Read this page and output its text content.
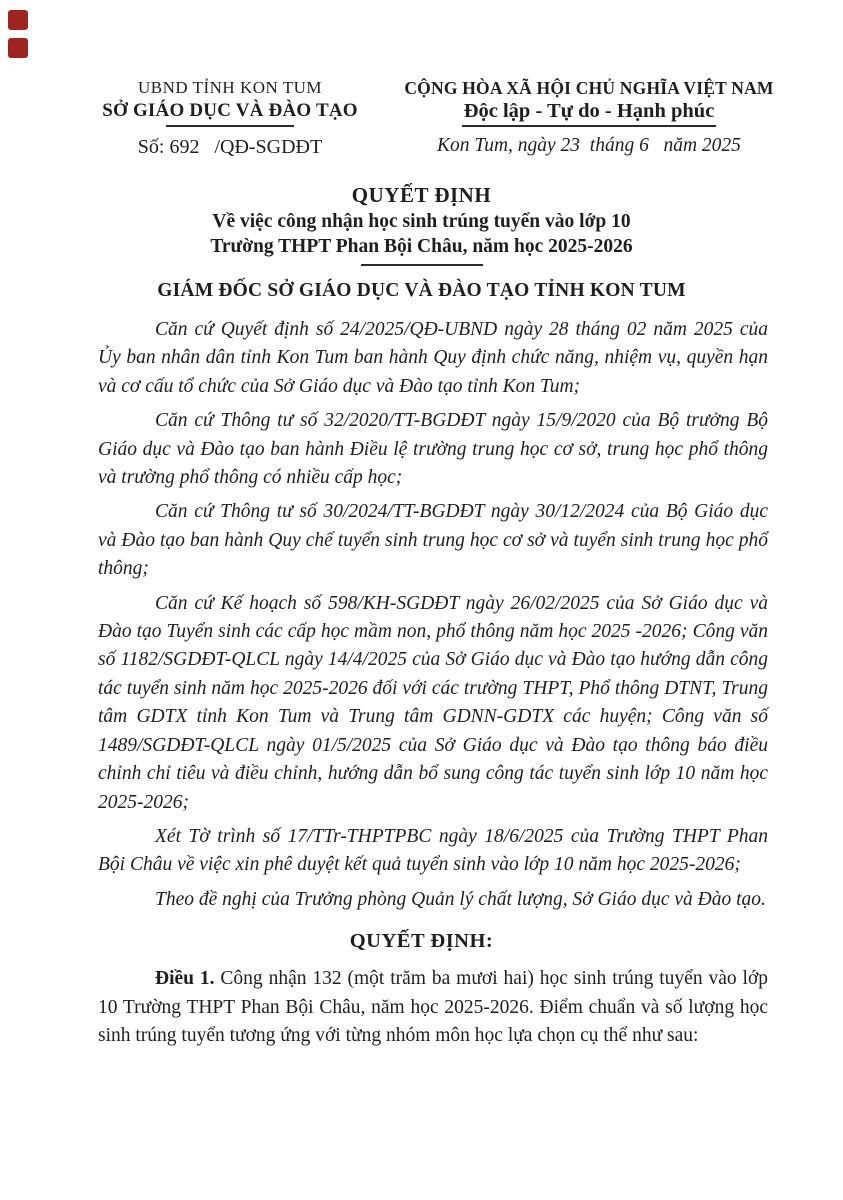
UBND TỈNH KON TUM
SỞ GIÁO DỤC VÀ ĐÀO TẠO
Số: 692   /QĐ-SGDĐT
CỘNG HÒA XÃ HỘI CHỦ NGHĨA VIỆT NAM
Độc lập - Tự do - Hạnh phúc
Kon Tum, ngày 23  tháng 6   năm 2025
QUYẾT ĐỊNH
Về việc công nhận học sinh trúng tuyển vào lớp 10
Trường THPT Phan Bội Châu, năm học 2025-2026
GIÁM ĐỐC SỞ GIÁO DỤC VÀ ĐÀO TẠO TỈNH KON TUM

Căn cứ Quyết định số 24/2025/QĐ-UBND ngày 28 tháng 02 năm 2025 của Ủy ban nhân dân tỉnh Kon Tum ban hành Quy định chức năng, nhiệm vụ, quyền hạn và cơ cấu tổ chức của Sở Giáo dục và Đào tạo tỉnh Kon Tum;

Căn cứ Thông tư số 32/2020/TT-BGDĐT ngày 15/9/2020 của Bộ trưởng Bộ Giáo dục và Đào tạo ban hành Điều lệ trường trung học cơ sở, trung học phổ thông và trường phổ thông có nhiều cấp học;

Căn cứ Thông tư số 30/2024/TT-BGDĐT ngày 30/12/2024 của Bộ Giáo dục và Đào tạo ban hành Quy chế tuyển sinh trung học cơ sở và tuyển sinh trung học phổ thông;

Căn cứ Kế hoạch số 598/KH-SGDĐT ngày 26/02/2025 của Sở Giáo dục và Đào tạo Tuyển sinh các cấp học mầm non, phổ thông năm học 2025 -2026; Công văn số 1182/SGDĐT-QLCL ngày 14/4/2025 của Sở Giáo dục và Đào tạo hướng dẫn công tác tuyển sinh năm học 2025-2026 đối với các trường THPT, Phổ thông DTNT, Trung tâm GDTX tỉnh Kon Tum và Trung tâm GDNN-GDTX các huyện; Công văn số 1489/SGDĐT-QLCL ngày 01/5/2025 của Sở Giáo dục và Đào tạo thông báo điều chỉnh chỉ tiêu và điều chỉnh, hướng dẫn bổ sung công tác tuyển sinh lớp 10 năm học 2025-2026;

Xét Tờ trình số 17/TTr-THPTPBC ngày 18/6/2025 của Trường THPT Phan Bội Châu về việc xin phê duyệt kết quả tuyển sinh vào lớp 10 năm học 2025-2026;

Theo đề nghị của Trưởng phòng Quản lý chất lượng, Sở Giáo dục và Đào tạo.

QUYẾT ĐỊNH:

Điều 1. Công nhận 132 (một trăm ba mươi hai) học sinh trúng tuyển vào lớp 10 Trường THPT Phan Bội Châu, năm học 2025-2026. Điểm chuẩn và số lượng học sinh trúng tuyển tương ứng với từng nhóm môn học lựa chọn cụ thể như sau:
